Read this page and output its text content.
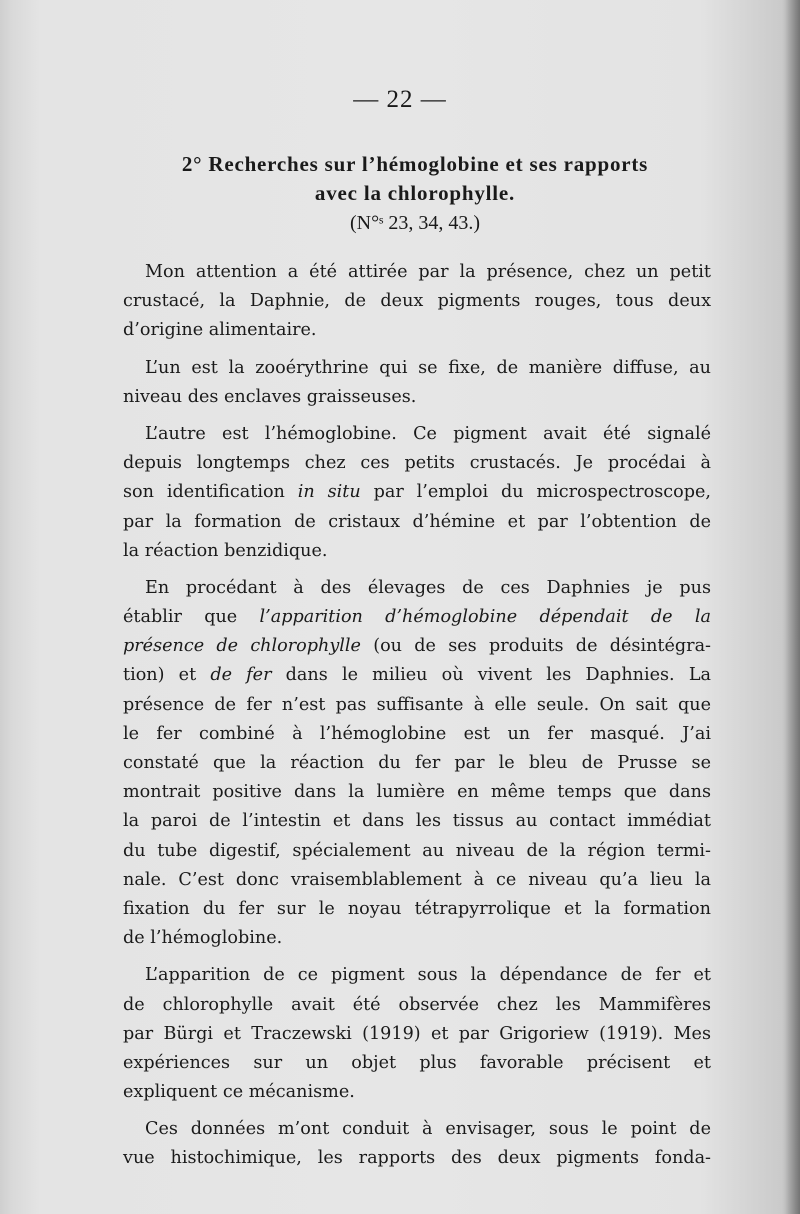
— 22 —
2° Recherches sur l’hémoglobine et ses rapports
avec la chlorophylle.
(N°ˢ 23, 34, 43.)
Mon attention a été attirée par la présence, chez un petit
crustacé, la Daphnie, de deux pigments rouges, tous deux
d’origine alimentaire.
L’un est la zooérythrine qui se fixe, de manière diffuse, au
niveau des enclaves graisseuses.
L’autre est l’hémoglobine. Ce pigment avait été signalé
depuis longtemps chez ces petits crustacés. Je procédai à
son identification in situ par l’emploi du microspectroscope,
par la formation de cristaux d’hémine et par l’obtention de
la réaction benzidique.
En procédant à des élevages de ces Daphnies je pus
établir que l’apparition d’hémoglobine dépendait de la
présence de chlorophylle (ou de ses produits de désintégra-
tion) et de fer dans le milieu où vivent les Daphnies. La
présence de fer n’est pas suffisante à elle seule. On sait que
le fer combiné à l’hémoglobine est un fer masqué. J’ai
constaté que la réaction du fer par le bleu de Prusse se
montrait positive dans la lumière en même temps que dans
la paroi de l’intestin et dans les tissus au contact immédiat
du tube digestif, spécialement au niveau de la région termi-
nale. C’est donc vraisemblablement à ce niveau qu’a lieu la
fixation du fer sur le noyau tétrapyrrolique et la formation
de l’hémoglobine.
L’apparition de ce pigment sous la dépendance de fer et
de chlorophylle avait été observée chez les Mammifères
par Bürgi et Traczewski (1919) et par Grigoriew (1919). Mes
expériences sur un objet plus favorable précisent et
expliquent ce mécanisme.
Ces données m’ont conduit à envisager, sous le point de
vue histochimique, les rapports des deux pigments fonda-
